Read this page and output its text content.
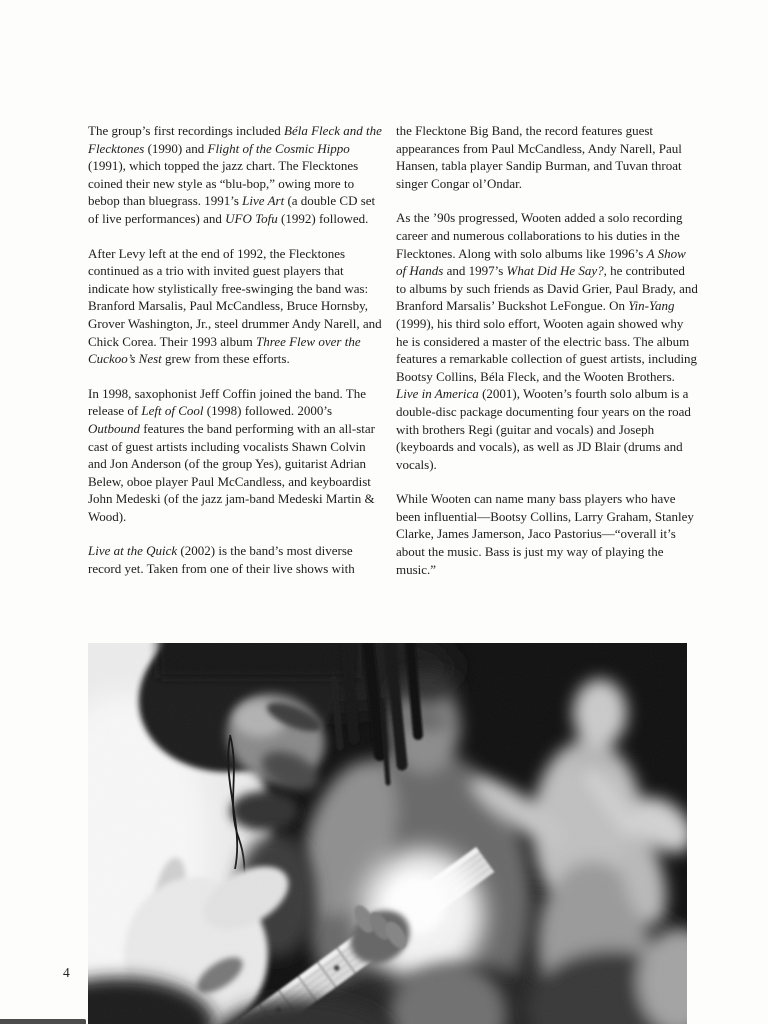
The group’s first recordings included Béla Fleck and the Flecktones (1990) and Flight of the Cosmic Hippo (1991), which topped the jazz chart. The Flecktones coined their new style as “blu-bop,” owing more to bebop than bluegrass. 1991’s Live Art (a double CD set of live performances) and UFO Tofu (1992) followed.

After Levy left at the end of 1992, the Flecktones continued as a trio with invited guest players that indicate how stylistically free-swinging the band was: Branford Marsalis, Paul McCandless, Bruce Hornsby, Grover Washington, Jr., steel drummer Andy Narell, and Chick Corea. Their 1993 album Three Flew over the Cuckoo’s Nest grew from these efforts.

In 1998, saxophonist Jeff Coffin joined the band. The release of Left of Cool (1998) followed. 2000’s Outbound features the band performing with an all-star cast of guest artists including vocalists Shawn Colvin and Jon Anderson (of the group Yes), guitarist Adrian Belew, oboe player Paul McCandless, and keyboardist John Medeski (of the jazz jam-band Medeski Martin & Wood).

Live at the Quick (2002) is the band’s most diverse record yet. Taken from one of their live shows with

the Flecktone Big Band, the record features guest appearances from Paul McCandless, Andy Narell, Paul Hansen, tabla player Sandip Burman, and Tuvan throat singer Congar ol’Ondar.

As the ’90s progressed, Wooten added a solo recording career and numerous collaborations to his duties in the Flecktones. Along with solo albums like 1996’s A Show of Hands and 1997’s What Did He Say?, he contributed to albums by such friends as David Grier, Paul Brady, and Branford Marsalis’ Buckshot LeFongue. On Yin-Yang (1999), his third solo effort, Wooten again showed why he is considered a master of the electric bass. The album features a remarkable collection of guest artists, including Bootsy Collins, Béla Fleck, and the Wooten Brothers. Live in America (2001), Wooten’s fourth solo album is a double-disc package documenting four years on the road with brothers Regi (guitar and vocals) and Joseph (keyboards and vocals), as well as JD Blair (drums and vocals).

While Wooten can name many bass players who have been influential—Bootsy Collins, Larry Graham, Stanley Clarke, James Jamerson, Jaco Pastorius—“overall it’s about the music. Bass is just my way of playing the music.”

4
